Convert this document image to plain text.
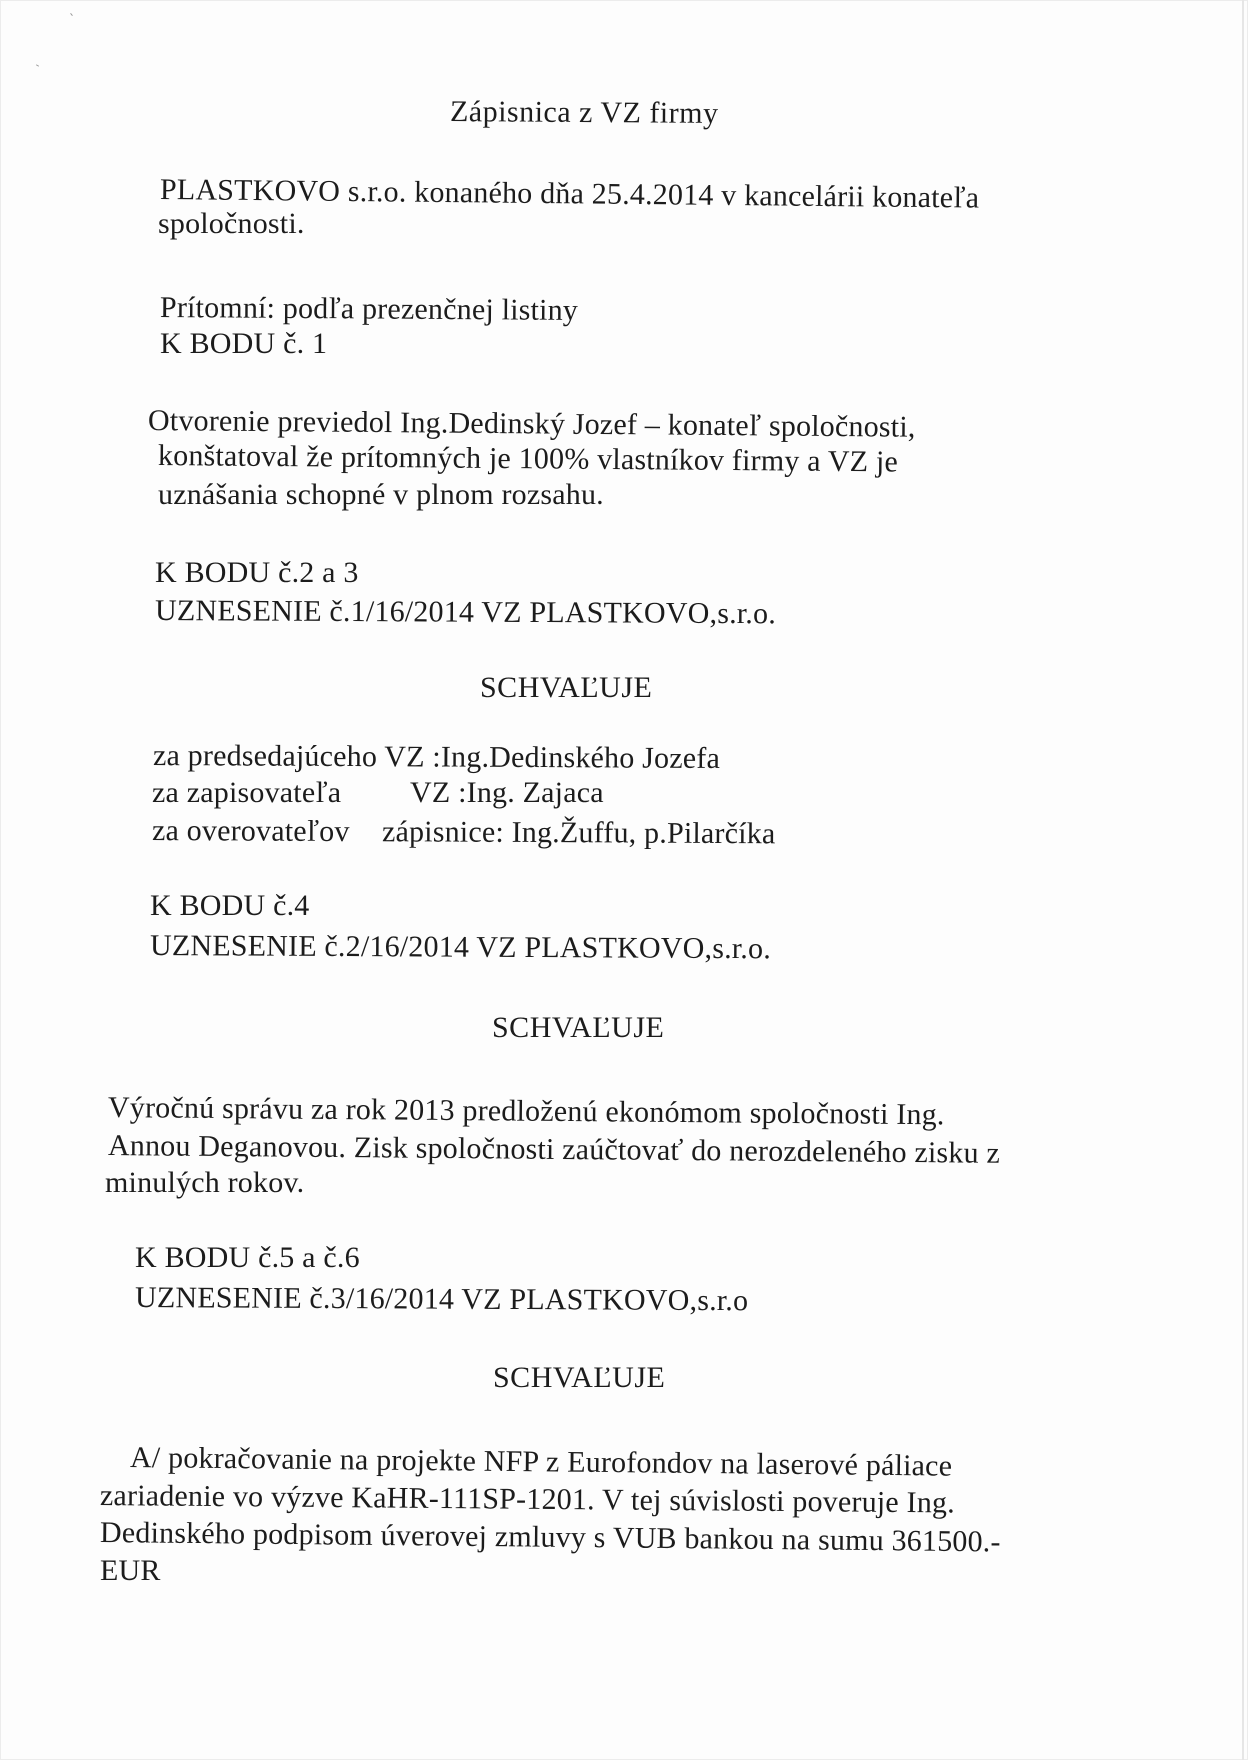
Zápisnica z VZ firmy
PLASTKOVO s.r.o. konaného dňa 25.4.2014 v kancelárii konateľa
spoločnosti.
Prítomní: podľa prezenčnej listiny
K BODU č. 1
Otvorenie previedol Ing.Dedinský Jozef – konateľ spoločnosti,
konštatoval že prítomných je 100% vlastníkov firmy a VZ je
uznášania schopné v plnom rozsahu.
K BODU č.2 a 3
UZNESENIE č.1/16/2014 VZ PLASTKOVO,s.r.o.
SCHVAĽUJE
za predsedajúceho VZ :Ing.Dedinského Jozefa
za zapisovateľa VZ :Ing. Zajaca
za overovateľov zápisnice: Ing.Žuffu, p.Pilarčíka
K BODU č.4
UZNESENIE č.2/16/2014 VZ PLASTKOVO,s.r.o.
SCHVAĽUJE
Výročnú správu za rok 2013 predloženú ekonómom spoločnosti Ing.
Annou Deganovou. Zisk spoločnosti zaúčtovať do nerozdeleného zisku z
minulých rokov.
K BODU č.5 a č.6
UZNESENIE č.3/16/2014 VZ PLASTKOVO,s.r.o
SCHVAĽUJE
A/ pokračovanie na projekte NFP z Eurofondov na laserové páliace
zariadenie vo výzve KaHR-111SP-1201. V tej súvislosti poveruje Ing.
Dedinského podpisom úverovej zmluvy s VUB bankou na sumu 361500.-
EUR
